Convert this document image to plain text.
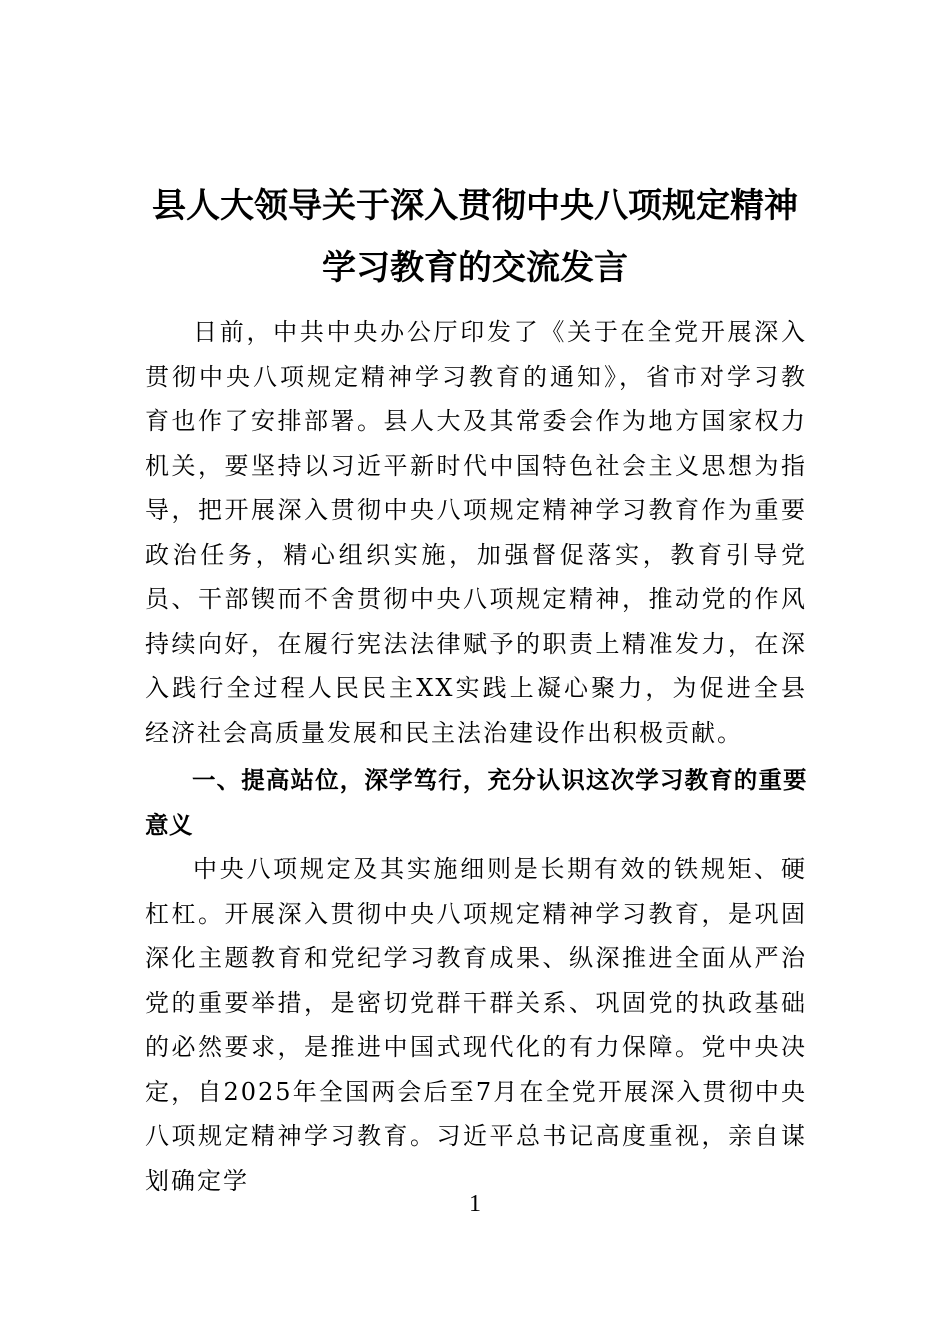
县人大领导关于深入贯彻中央八项规定精神学习教育的交流发言

日前，中共中央办公厅印发了《关于在全党开展深入贯彻中央八项规定精神学习教育的通知》，省市对学习教育也作了安排部署。县人大及其常委会作为地方国家权力机关，要坚持以习近平新时代中国特色社会主义思想为指导，把开展深入贯彻中央八项规定精神学习教育作为重要政治任务，精心组织实施，加强督促落实，教育引导党员、干部锲而不舍贯彻中央八项规定精神，推动党的作风持续向好，在履行宪法法律赋予的职责上精准发力，在深入践行全过程人民民主XX实践上凝心聚力，为促进全县经济社会高质量发展和民主法治建设作出积极贡献。

一、提高站位，深学笃行，充分认识这次学习教育的重要意义

中央八项规定及其实施细则是长期有效的铁规矩、硬杠杠。开展深入贯彻中央八项规定精神学习教育，是巩固深化主题教育和党纪学习教育成果、纵深推进全面从严治党的重要举措，是密切党群干群关系、巩固党的执政基础的必然要求，是推进中国式现代化的有力保障。党中央决定，自2025年全国两会后至7月在全党开展深入贯彻中央八项规定精神学习教育。习近平总书记高度重视，亲自谋划确定学

1
